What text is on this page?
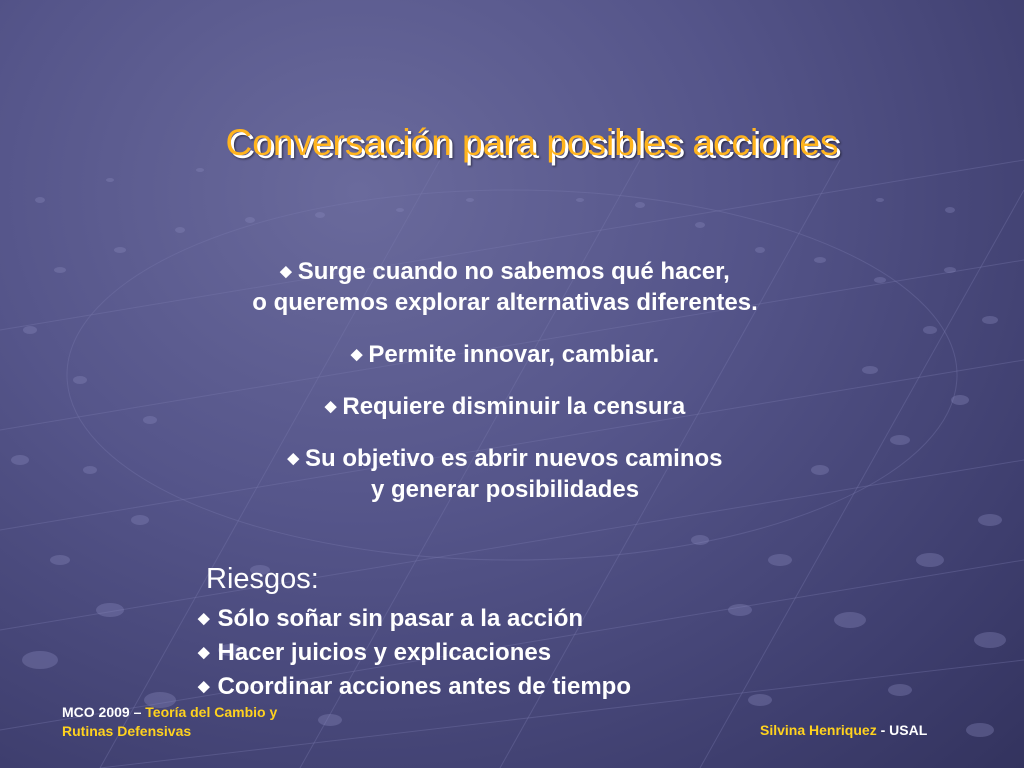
Conversación para posibles acciones
◆ Surge cuando no sabemos qué hacer,
o queremos explorar alternativas diferentes.
◆ Permite innovar, cambiar.
◆ Requiere disminuir la censura
◆ Su objetivo es abrir nuevos caminos
y generar posibilidades
Riesgos:
◆ Sólo soñar sin pasar a la acción
◆ Hacer juicios y explicaciones
◆ Coordinar acciones antes de tiempo
MCO 2009 – Teoría del Cambio y
Rutinas Defensivas	Silvina Henriquez - USAL
